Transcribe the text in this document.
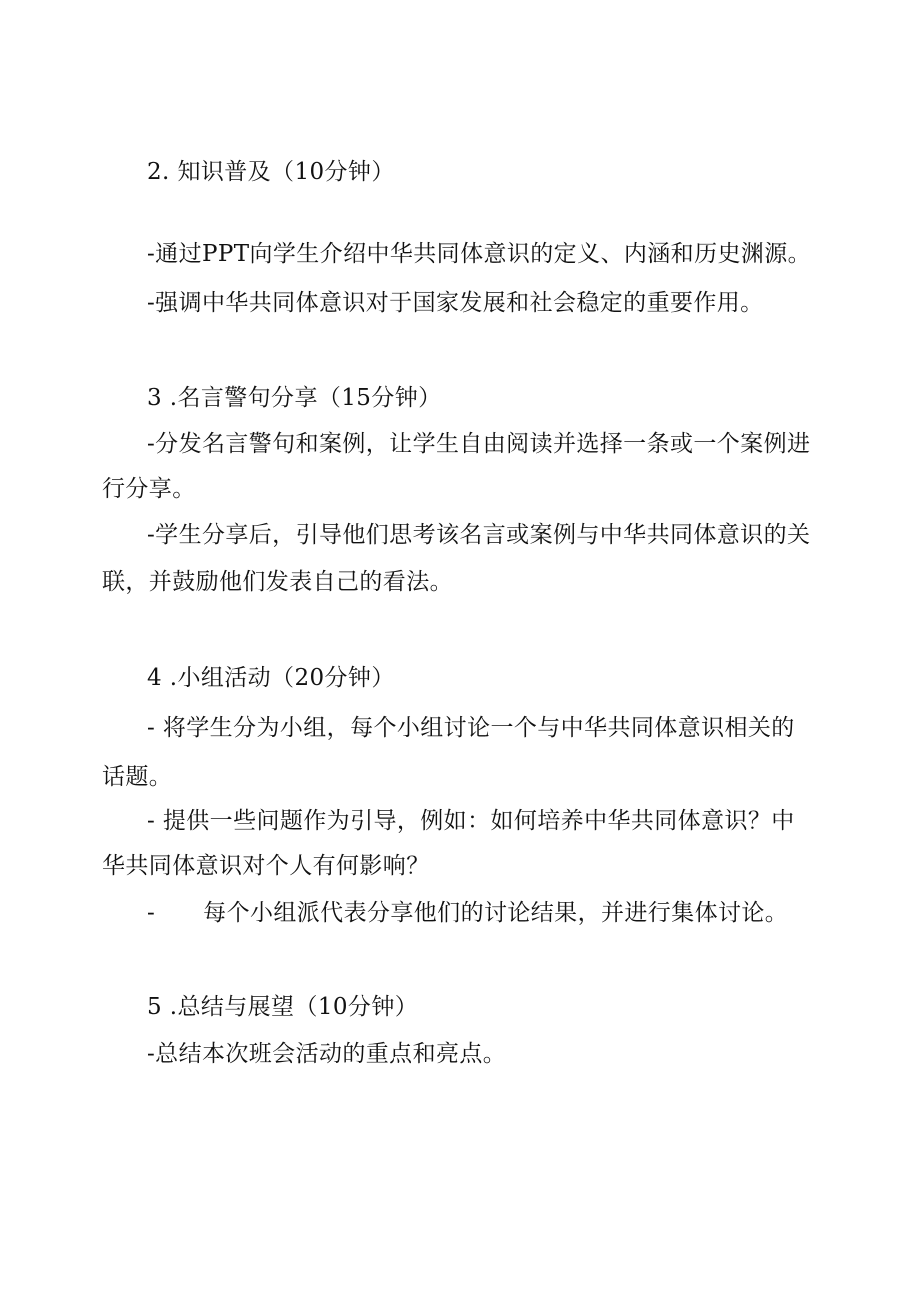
2. 知识普及（10分钟）

-通过PPT向学生介绍中华共同体意识的定义、内涵和历史渊源。

-强调中华共同体意识对于国家发展和社会稳定的重要作用。

3 .名言警句分享（15分钟）

-分发名言警句和案例，让学生自由阅读并选择一条或一个案例进

行分享。

-学生分享后，引导他们思考该名言或案例与中华共同体意识的关

联，并鼓励他们发表自己的看法。

4 .小组活动（20分钟）

- 将学生分为小组，每个小组讨论一个与中华共同体意识相关的

话题。

- 提供一些问题作为引导，例如：如何培养中华共同体意识？中

华共同体意识对个人有何影响？

- 每个小组派代表分享他们的讨论结果，并进行集体讨论。

5 .总结与展望（10分钟）

-总结本次班会活动的重点和亮点。
